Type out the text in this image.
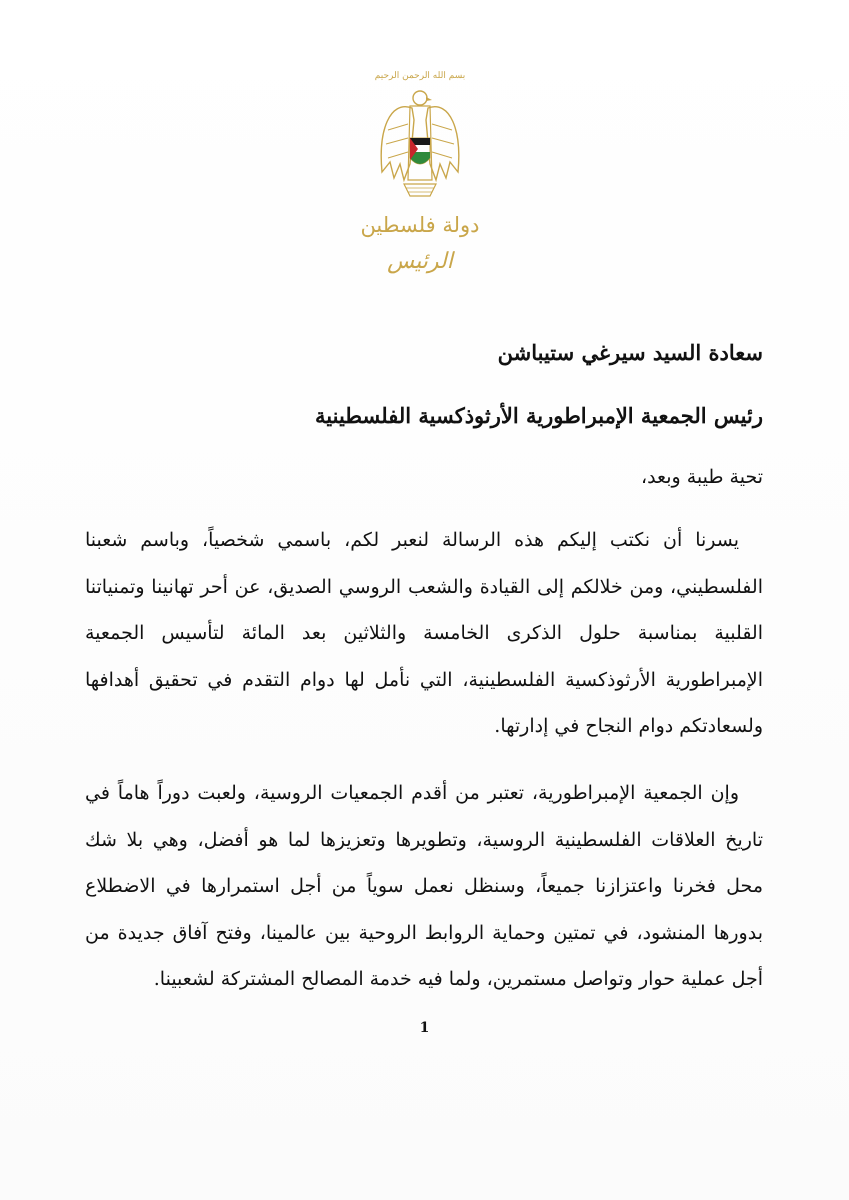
بسم الله الرحمن الرحيم
دولة فلسطين
الرئيس

سعادة السيد سيرغي ستيباشن

رئيس الجمعية الإمبراطورية الأرثوذكسية الفلسطينية

تحية طيبة وبعد،

يسرنا أن نكتب إليكم هذه الرسالة لنعبر لكم، باسمي شخصياً، وباسم شعبنا الفلسطيني، ومن خلالكم إلى القيادة والشعب الروسي الصديق، عن أحر تهانينا وتمنياتنا القلبية بمناسبة حلول الذكرى الخامسة والثلاثين بعد المائة لتأسيس الجمعية الإمبراطورية الأرثوذكسية الفلسطينية، التي نأمل لها دوام التقدم في تحقيق أهدافها ولسعادتكم دوام النجاح في إدارتها.

وإن الجمعية الإمبراطورية، تعتبر من أقدم الجمعيات الروسية، ولعبت دوراً هاماً في تاريخ العلاقات الفلسطينية الروسية، وتطويرها وتعزيزها لما هو أفضل، وهي بلا شك محل فخرنا واعتزازنا جميعاً، وسنظل نعمل سوياً من أجل استمرارها في الاضطلاع بدورها المنشود، في تمتين وحماية الروابط الروحية بين عالمينا، وفتح آفاق جديدة من أجل عملية حوار وتواصل مستمرين، ولما فيه خدمة المصالح المشتركة لشعبينا.

1
